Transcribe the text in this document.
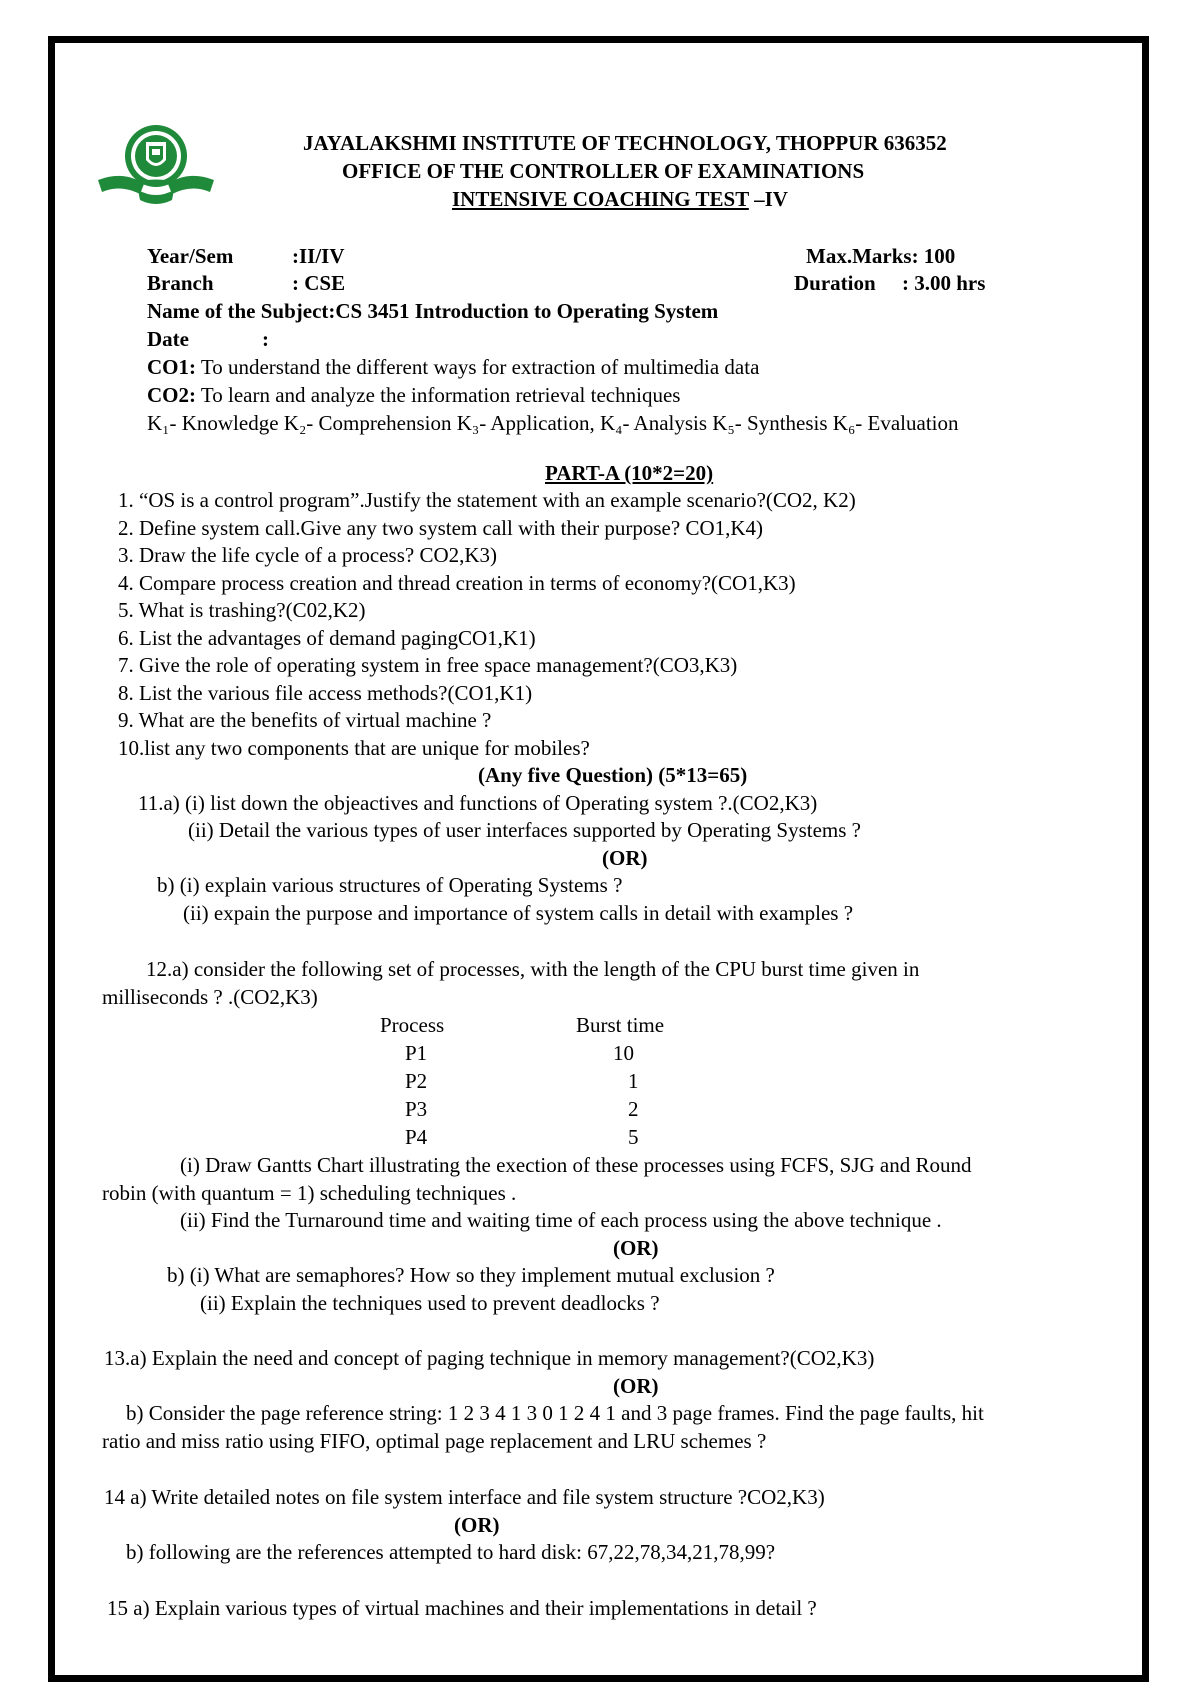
JAYALAKSHMI INSTITUTE OF TECHNOLOGY, THOPPUR 636352
OFFICE OF THE CONTROLLER OF EXAMINATIONS
INTENSIVE COACHING TEST –IV
Year/Sem	:II/IV	Max.Marks: 100
Branch	: CSE	Duration : 3.00 hrs
Name of the Subject:CS 3451 Introduction to Operating System
Date	:
CO1: To understand the different ways for extraction of multimedia data
CO2: To learn and analyze the information retrieval techniques
K₁- Knowledge K₂- Comprehension K₃- Application, K₄- Analysis K₅- Synthesis K₆- Evaluation
PART-A (10*2=20)
1. “OS is a control program”.Justify the statement with an example scenario?(CO2, K2)
2. Define system call.Give any two system call with their purpose? CO1,K4)
3. Draw the life cycle of a process? CO2,K3)
4. Compare process creation and thread creation in terms of economy?(CO1,K3)
5. What is trashing?(C02,K2)
6. List the advantages of demand pagingCO1,K1)
7. Give the role of operating system in free space management?(CO3,K3)
8. List the various file access methods?(CO1,K1)
9. What are the benefits of virtual machine ?
10.list any two components that are unique for mobiles?
(Any five Question) (5*13=65)
11.a) (i) list down the objeactives and functions of Operating system ?.(CO2,K3)
(ii) Detail the various types of user interfaces supported by Operating Systems ?
(OR)
b) (i) explain various structures of Operating Systems ?
(ii) expain the purpose and importance of system calls in detail with examples ?
12.a) consider the following set of processes, with the length of the CPU burst time given in
milliseconds ? .(CO2,K3)
Process	Burst time
P1	10
P2	1
P3	2
P4	5
(i) Draw Gantts Chart illustrating the exection of these processes using FCFS, SJG and Round
robin (with quantum = 1) scheduling techniques .
(ii) Find the Turnaround time and waiting time of each process using the above technique .
(OR)
b) (i) What are semaphores? How so they implement mutual exclusion ?
(ii) Explain the techniques used to prevent deadlocks ?
13.a) Explain the need and concept of paging technique in memory management?(CO2,K3)
(OR)
b) Consider the page reference string: 1 2 3 4 1 3 0 1 2 4 1 and 3 page frames. Find the page faults, hit
ratio and miss ratio using FIFO, optimal page replacement and LRU schemes ?
14 a) Write detailed notes on file system interface and file system structure ?CO2,K3)
(OR)
b) following are the references attempted to hard disk: 67,22,78,34,21,78,99?
15 a) Explain various types of virtual machines and their implementations in detail ?
